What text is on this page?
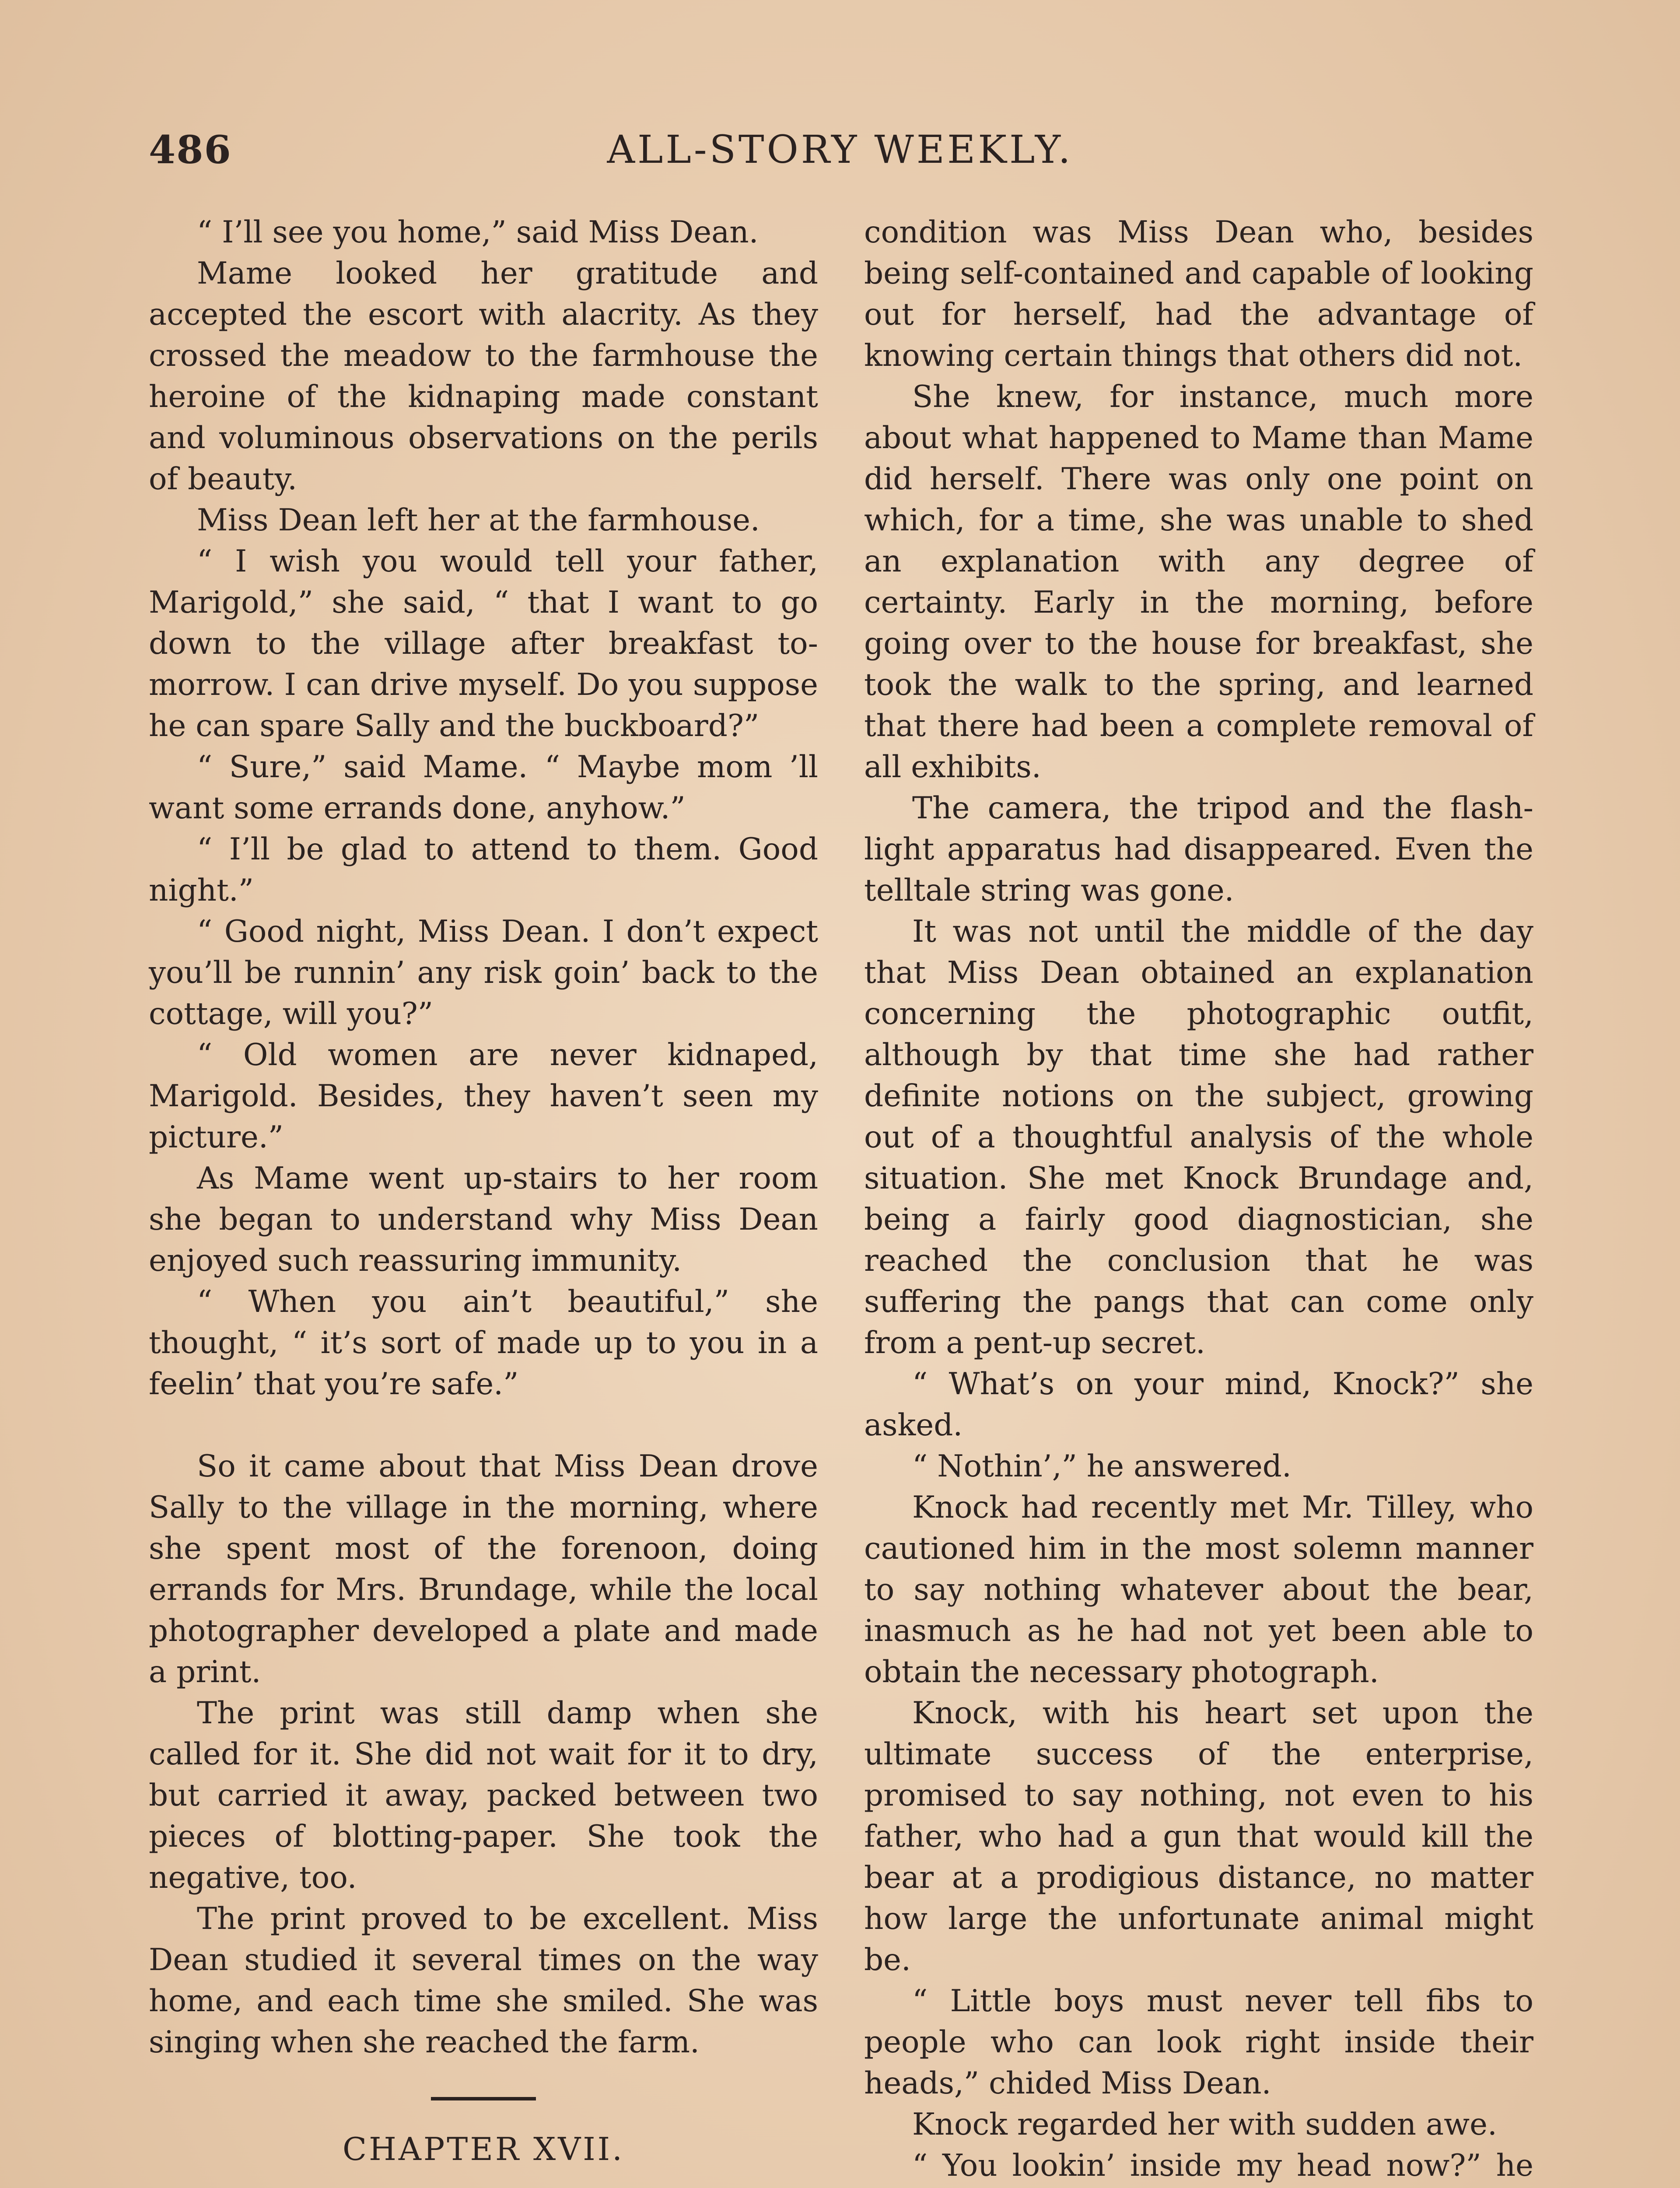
486	ALL-STORY WEEKLY.

“ I’ll see you home,” said Miss Dean.

Mame looked her gratitude and accepted the escort with alacrity. As they crossed the meadow to the farmhouse the heroine of the kidnaping made constant and voluminous observations on the perils of beauty.

Miss Dean left her at the farmhouse.

“ I wish you would tell your father, Marigold,” she said, “ that I want to go down to the village after breakfast to-morrow. I can drive myself. Do you suppose he can spare Sally and the buckboard?”

“ Sure,” said Mame. “ Maybe mom ’ll want some errands done, anyhow.”

“ I’ll be glad to attend to them. Good night.”

“ Good night, Miss Dean. I don’t expect you’ll be runnin’ any risk goin’ back to the cottage, will you?”

“ Old women are never kidnaped, Marigold. Besides, they haven’t seen my picture.”

As Mame went up-stairs to her room she began to understand why Miss Dean enjoyed such reassuring immunity.

“ When you ain’t beautiful,” she thought, “ it’s sort of made up to you in a feelin’ that you’re safe.”

So it came about that Miss Dean drove Sally to the village in the morning, where she spent most of the forenoon, doing errands for Mrs. Brundage, while the local photographer developed a plate and made a print.

The print was still damp when she called for it. She did not wait for it to dry, but carried it away, packed between two pieces of blotting-paper. She took the negative, too.

The print proved to be excellent. Miss Dean studied it several times on the way home, and each time she smiled. She was singing when she reached the farm.

CHAPTER XVII.

condition was Miss Dean who, besides being self-contained and capable of looking out for herself, had the advantage of knowing certain things that others did not.

She knew, for instance, much more about what happened to Mame than Mame did herself. There was only one point on which, for a time, she was unable to shed an explanation with any degree of certainty. Early in the morning, before going over to the house for breakfast, she took the walk to the spring, and learned that there had been a complete removal of all exhibits.

The camera, the tripod and the flash-light apparatus had disappeared. Even the telltale string was gone.

It was not until the middle of the day that Miss Dean obtained an explanation concerning the photographic outfit, although by that time she had rather definite notions on the subject, growing out of a thoughtful analysis of the whole situation. She met Knock Brundage and, being a fairly good diagnostician, she reached the conclusion that he was suffering the pangs that can come only from a pent-up secret.

“ What’s on your mind, Knock?” she asked.

“ Nothin’,” he answered.

Knock had recently met Mr. Tilley, who cautioned him in the most solemn manner to say nothing whatever about the bear, inasmuch as he had not yet been able to obtain the necessary photograph.

Knock, with his heart set upon the ultimate success of the enterprise, promised to say nothing, not even to his father, who had a gun that would kill the bear at a prodigious distance, no matter how large the unfortunate animal might be.

“ Little boys must never tell fibs to people who can look right inside their heads,” chided Miss Dean.

Knock regarded her with sudden awe.

“ You lookin’ inside my head now?” he
